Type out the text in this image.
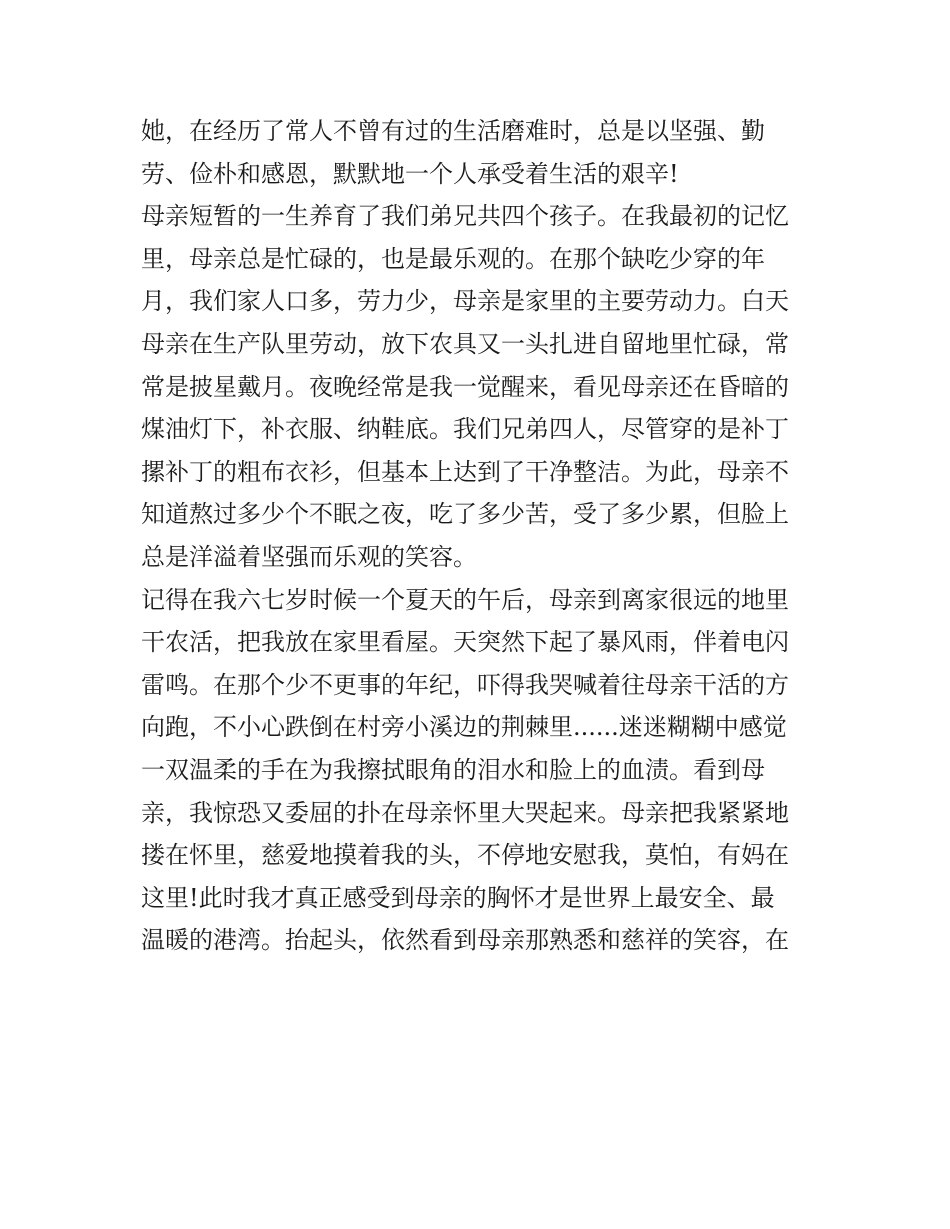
她，在经历了常人不曾有过的生活磨难时，总是以坚强、勤
劳、俭朴和感恩，默默地一个人承受着生活的艰辛!
母亲短暂的一生养育了我们弟兄共四个孩子。在我最初的记忆
里，母亲总是忙碌的，也是最乐观的。在那个缺吃少穿的年
月，我们家人口多，劳力少，母亲是家里的主要劳动力。白天
母亲在生产队里劳动，放下农具又一头扎进自留地里忙碌，常
常是披星戴月。夜晚经常是我一觉醒来，看见母亲还在昏暗的
煤油灯下，补衣服、纳鞋底。我们兄弟四人，尽管穿的是补丁
摞补丁的粗布衣衫，但基本上达到了干净整洁。为此，母亲不
知道熬过多少个不眠之夜，吃了多少苦，受了多少累，但脸上
总是洋溢着坚强而乐观的笑容。
记得在我六七岁时候一个夏天的午后，母亲到离家很远的地里
干农活，把我放在家里看屋。天突然下起了暴风雨，伴着电闪
雷鸣。在那个少不更事的年纪，吓得我哭喊着往母亲干活的方
向跑，不小心跌倒在村旁小溪边的荆棘里......迷迷糊糊中感觉
一双温柔的手在为我擦拭眼角的泪水和脸上的血渍。看到母
亲，我惊恐又委屈的扑在母亲怀里大哭起来。母亲把我紧紧地
搂在怀里，慈爱地摸着我的头，不停地安慰我，莫怕，有妈在
这里!此时我才真正感受到母亲的胸怀才是世界上最安全、最
温暖的港湾。抬起头，依然看到母亲那熟悉和慈祥的笑容，在
